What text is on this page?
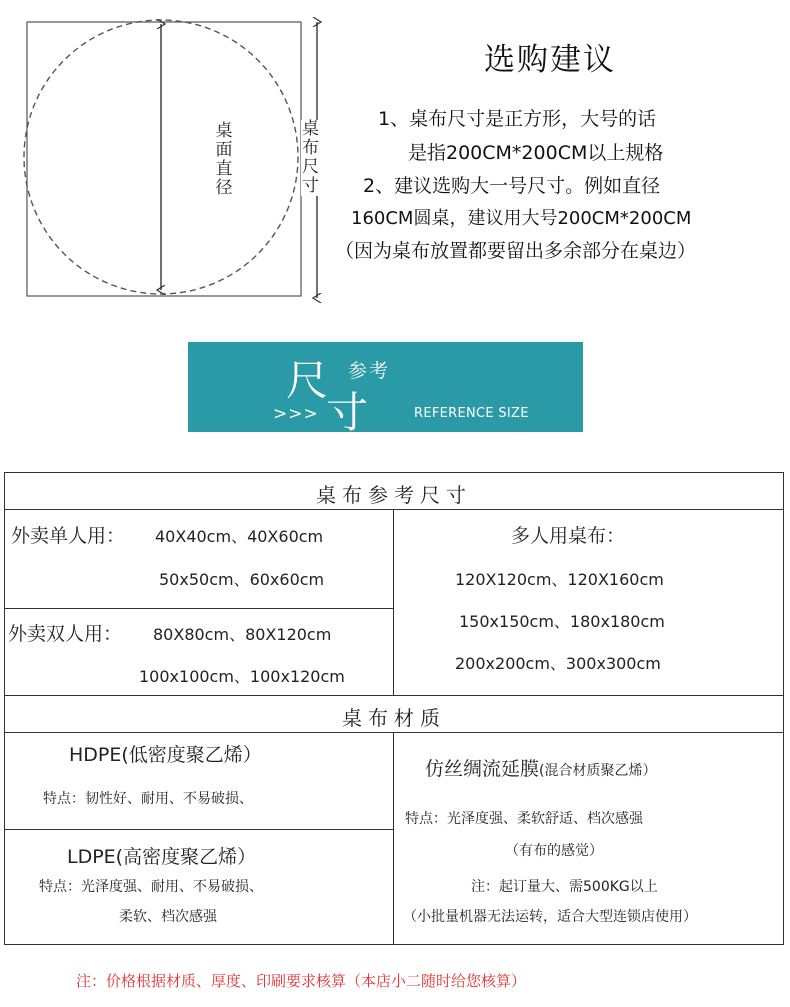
桌面直径
桌布尺寸
选购建议
1、桌布尺寸是正方形，大号的话
是指200CM*200CM以上规格
2、建议选购大一号尺寸。例如直径
160CM圆桌，建议用大号200CM*200CM
（因为桌布放置都要留出多余部分在桌边）
尺
寸
参考
>>>	REFERENCE SIZE
桌布参考尺寸
外卖单人用： 40X40cm、40X60cm
50x50cm、60x60cm
外卖双人用： 80X80cm、80X120cm
100x100cm、100x120cm
多人用桌布：
120X120cm、120X160cm
150x150cm、180x180cm
200x200cm、300x300cm
桌布材质
HDPE(低密度聚乙烯）
特点：韧性好、耐用、不易破损、
LDPE(高密度聚乙烯）
特点：光泽度强、耐用、不易破损、
柔软、档次感强
仿丝绸流延膜(混合材质聚乙烯）
特点：光泽度强、柔软舒适、档次感强
（有布的感觉）
注：起订量大、需500KG以上
（小批量机器无法运转，适合大型连锁店使用）
注：价格根据材质、厚度、印刷要求核算（本店小二随时给您核算）
